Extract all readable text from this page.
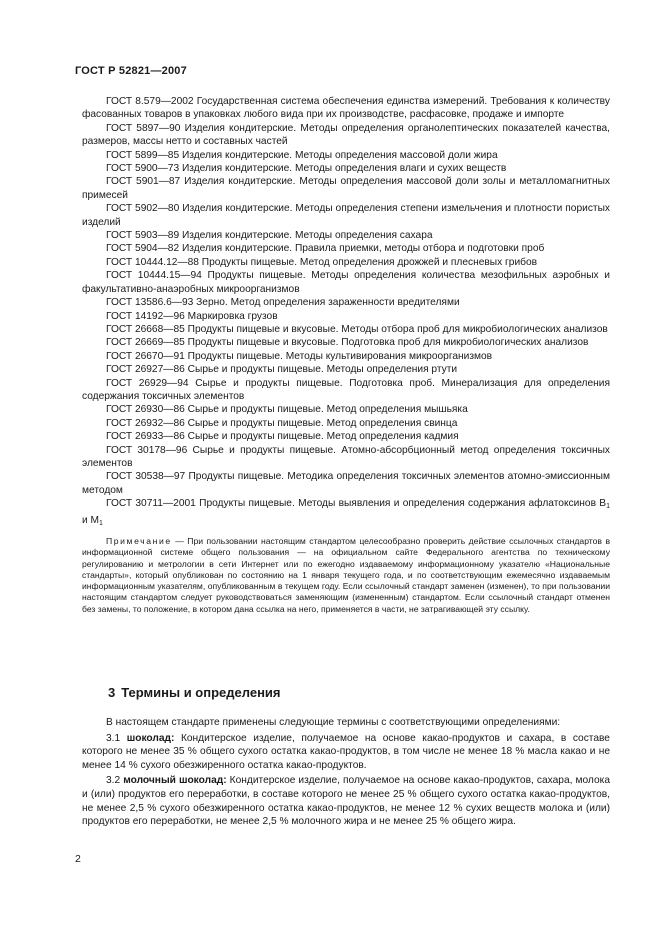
ГОСТ Р 52821—2007

ГОСТ 8.579—2002 Государственная система обеспечения единства измерений. Требования к количеству фасованных товаров в упаковках любого вида при их производстве, расфасовке, продаже и импорте

ГОСТ 5897—90 Изделия кондитерские. Методы определения органолептических показателей качества, размеров, массы нетто и составных частей

ГОСТ 5899—85 Изделия кондитерские. Методы определения массовой доли жира

ГОСТ 5900—73 Изделия кондитерские. Методы определения влаги и сухих веществ

ГОСТ 5901—87 Изделия кондитерские. Методы определения массовой доли золы и металломагнитных примесей

ГОСТ 5902—80 Изделия кондитерские. Методы определения степени измельчения и плотности пористых изделий

ГОСТ 5903—89 Изделия кондитерские. Методы определения сахара

ГОСТ 5904—82 Изделия кондитерские. Правила приемки, методы отбора и подготовки проб

ГОСТ 10444.12—88 Продукты пищевые. Метод определения дрожжей и плесневых грибов

ГОСТ 10444.15—94 Продукты пищевые. Методы определения количества мезофильных аэробных и факультативно-анаэробных микроорганизмов

ГОСТ 13586.6—93 Зерно. Метод определения зараженности вредителями

ГОСТ 14192—96 Маркировка грузов

ГОСТ 26668—85 Продукты пищевые и вкусовые. Методы отбора проб для микробиологических анализов

ГОСТ 26669—85 Продукты пищевые и вкусовые. Подготовка проб для микробиологических анализов

ГОСТ 26670—91 Продукты пищевые. Методы культивирования микроорганизмов

ГОСТ 26927—86 Сырье и продукты пищевые. Методы определения ртути

ГОСТ 26929—94 Сырье и продукты пищевые. Подготовка проб. Минерализация для определения содержания токсичных элементов

ГОСТ 26930—86 Сырье и продукты пищевые. Метод определения мышьяка

ГОСТ 26932—86 Сырье и продукты пищевые. Метод определения свинца

ГОСТ 26933—86 Сырье и продукты пищевые. Метод определения кадмия

ГОСТ 30178—96 Сырье и продукты пищевые. Атомно-абсорбционный метод определения токсичных элементов

ГОСТ 30538—97 Продукты пищевые. Методика определения токсичных элементов атомно-эмиссионным методом

ГОСТ 30711—2001 Продукты пищевые. Методы выявления и определения содержания афлатоксинов $В_1$ и $М_1$

Примечание — При пользовании настоящим стандартом целесообразно проверить действие ссылочных стандартов в информационной системе общего пользования — на официальном сайте Федерального агентства по техническому регулированию и метрологии в сети Интернет или по ежегодно издаваемому информационному указателю «Национальные стандарты», который опубликован по состоянию на 1 января текущего года, и по соответствующим ежемесячно издаваемым информационным указателям, опубликованным в текущем году. Если ссылочный стандарт заменен (изменен), то при пользовании настоящим стандартом следует руководствоваться заменяющим (измененным) стандартом. Если ссылочный стандарт отменен без замены, то положение, в котором дана ссылка на него, применяется в части, не затрагивающей эту ссылку.

3 Термины и определения

В настоящем стандарте применены следующие термины с соответствующими определениями:

3.1 шоколад: Кондитерское изделие, получаемое на основе какао-продуктов и сахара, в составе которого не менее 35 % общего сухого остатка какао-продуктов, в том числе не менее 18 % масла какао и не менее 14 % сухого обезжиренного остатка какао-продуктов.

3.2 молочный шоколад: Кондитерское изделие, получаемое на основе какао-продуктов, сахара, молока и (или) продуктов его переработки, в составе которого не менее 25 % общего сухого остатка какао-продуктов, не менее 2,5 % сухого обезжиренного остатка какао-продуктов, не менее 12 % сухих веществ молока и (или) продуктов его переработки, не менее 2,5 % молочного жира и не менее 25 % общего жира.

2
